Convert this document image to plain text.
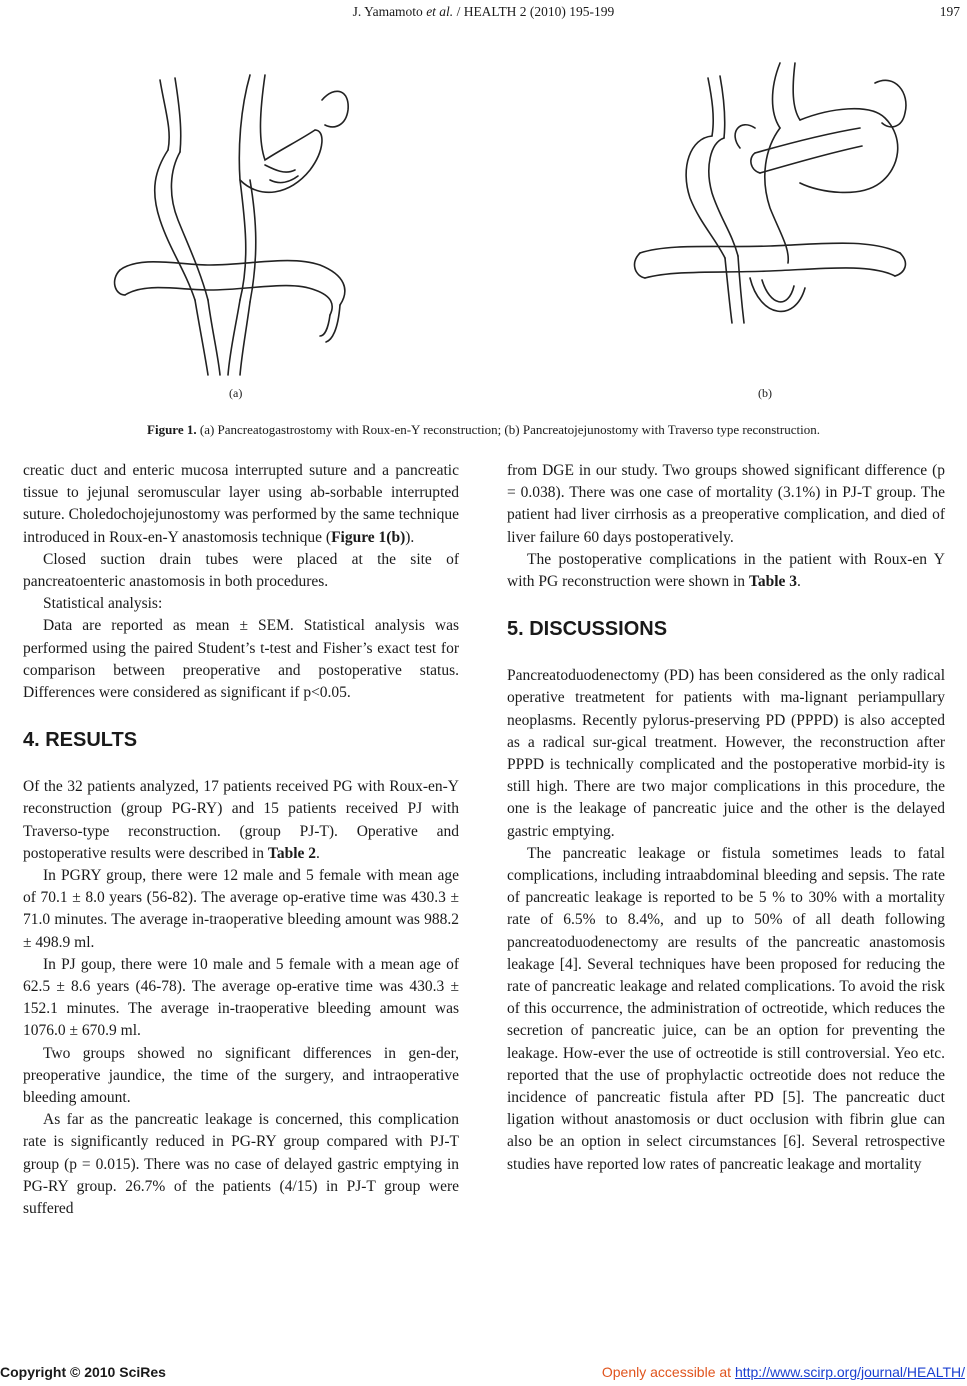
J. Yamamoto et al. / HEALTH 2 (2010) 195-199	197
(a)	(b)
Figure 1. (a) Pancreatogastrostomy with Roux-en-Y reconstruction; (b) Pancreatojejunostomy with Traverso type reconstruction.

creatic duct and enteric mucosa interrupted suture and a pancreatic tissue to jejunal seromuscular layer using ab-sorbable interrupted suture. Choledochojejunostomy was performed by the same technique introduced in Roux-en-Y anastomosis technique (Figure 1(b)).

Closed suction drain tubes were placed at the site of pancreatoenteric anastomosis in both procedures.

Statistical analysis:

Data are reported as mean ± SEM. Statistical analysis was performed using the paired Student’s t-test and Fisher’s exact test for comparison between preoperative and postoperative status. Differences were considered as significant if p<0.05.

4. RESULTS

Of the 32 patients analyzed, 17 patients received PG with Roux-en-Y reconstruction (group PG-RY) and 15 patients received PJ with Traverso-type reconstruction. (group PJ-T). Operative and postoperative results were described in Table 2.

In PGRY group, there were 12 male and 5 female with mean age of 70.1 ± 8.0 years (56-82). The average op-erative time was 430.3 ± 71.0 minutes. The average in-traoperative bleeding amount was 988.2 ± 498.9 ml.

In PJ goup, there were 10 male and 5 female with a mean age of 62.5 ± 8.6 years (46-78). The average op-erative time was 430.3 ± 152.1 minutes. The average in-traoperative bleeding amount was 1076.0 ± 670.9 ml.

Two groups showed no significant differences in gen-der, preoperative jaundice, the time of the surgery, and intraoperative bleeding amount.

As far as the pancreatic leakage is concerned, this complication rate is significantly reduced in PG-RY group compared with PJ-T group (p = 0.015). There was no case of delayed gastric emptying in PG-RY group. 26.7% of the patients (4/15) in PJ-T group were suffered

from DGE in our study. Two groups showed significant difference (p = 0.038). There was one case of mortality (3.1%) in PJ-T group. The patient had liver cirrhosis as a preoperative complication, and died of liver failure 60 days postoperatively.

The postoperative complications in the patient with Roux-en Y with PG reconstruction were shown in Table 3.

5. DISCUSSIONS

Pancreatoduodenectomy (PD) has been considered as the only radical operative treatmetent for patients with ma-lignant periampullary neoplasms. Recently pylorus-preserving PD (PPPD) is also accepted as a radical sur-gical treatment. However, the reconstruction after PPPD is technically complicated and the postoperative morbid-ity is still high. There are two major complications in this procedure, the one is the leakage of pancreatic juice and the other is the delayed gastric emptying.

The pancreatic leakage or fistula sometimes leads to fatal complications, including intraabdominal bleeding and sepsis. The rate of pancreatic leakage is reported to be 5 % to 30% with a mortality rate of 6.5% to 8.4%, and up to 50% of all death following pancreatoduodenectomy are results of the pancreatic anastomosis leakage [4]. Several techniques have been proposed for reducing the rate of pancreatic leakage and related complications. To avoid the risk of this occurrence, the administration of octreotide, which reduces the secretion of pancreatic juice, can be an option for preventing the leakage. How-ever the use of octreotide is still controversial. Yeo etc. reported that the use of prophylactic octreotide does not reduce the incidence of pancreatic fistula after PD [5]. The pancreatic duct ligation without anastomosis or duct occlusion with fibrin glue can also be an option in select circumstances [6]. Several retrospective studies have reported low rates of pancreatic leakage and mortality

Copyright © 2010 SciRes	Openly accessible at http://www.scirp.org/journal/HEALTH/
